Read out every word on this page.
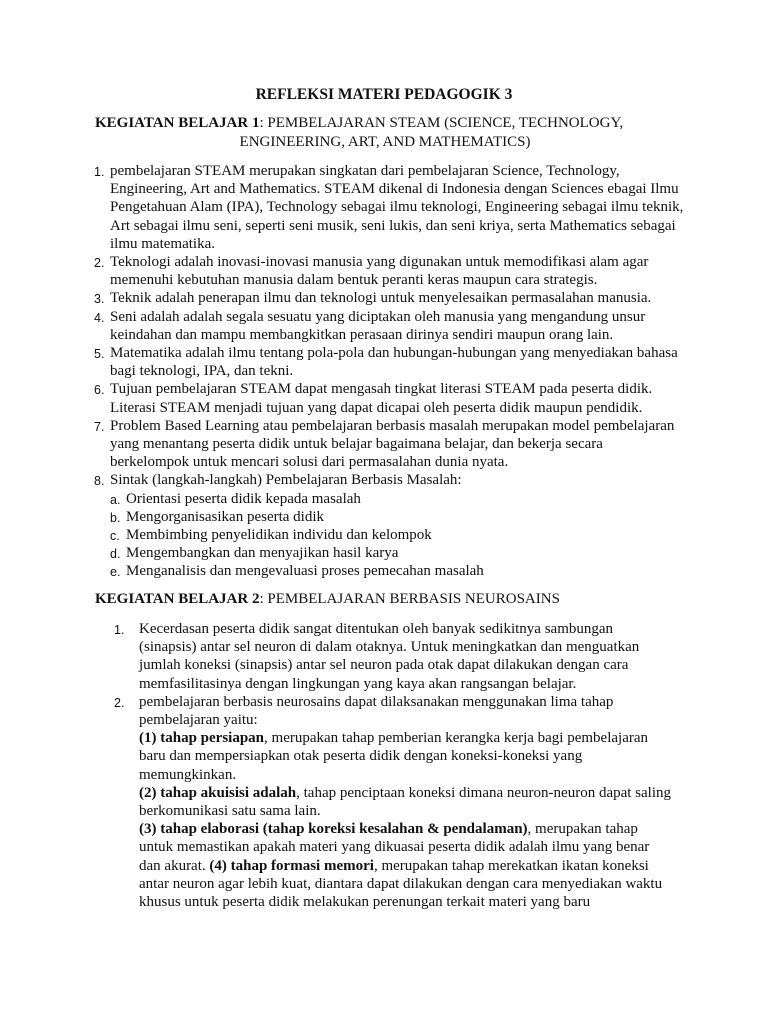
REFLEKSI MATERI PEDAGOGIK 3
KEGIATAN BELAJAR 1: PEMBELAJARAN STEAM (SCIENCE, TECHNOLOGY,
ENGINEERING, ART, AND MATHEMATICS)
1. pembelajaran STEAM merupakan singkatan dari pembelajaran Science, Technology, Engineering, Art and Mathematics. STEAM dikenal di Indonesia dengan Sciences ebagai Ilmu Pengetahuan Alam (IPA), Technology sebagai ilmu teknologi, Engineering sebagai ilmu teknik, Art sebagai ilmu seni, seperti seni musik, seni lukis, dan seni kriya, serta Mathematics sebagai ilmu matematika.
2. Teknologi adalah inovasi-inovasi manusia yang digunakan untuk memodifikasi alam agar memenuhi kebutuhan manusia dalam bentuk peranti keras maupun cara strategis.
3. Teknik adalah penerapan ilmu dan teknologi untuk menyelesaikan permasalahan manusia.
4. Seni adalah adalah segala sesuatu yang diciptakan oleh manusia yang mengandung unsur keindahan dan mampu membangkitkan perasaan dirinya sendiri maupun orang lain.
5. Matematika adalah ilmu tentang pola-pola dan hubungan-hubungan yang menyediakan bahasa bagi teknologi, IPA, dan tekni.
6. Tujuan pembelajaran STEAM dapat mengasah tingkat literasi STEAM pada peserta didik. Literasi STEAM menjadi tujuan yang dapat dicapai oleh peserta didik maupun pendidik.
7. Problem Based Learning atau pembelajaran berbasis masalah merupakan model pembelajaran yang menantang peserta didik untuk belajar bagaimana belajar, dan bekerja secara berkelompok untuk mencari solusi dari permasalahan dunia nyata.
8. Sintak (langkah-langkah) Pembelajaran Berbasis Masalah:
a. Orientasi peserta didik kepada masalah
b. Mengorganisasikan peserta didik
c. Membimbing penyelidikan individu dan kelompok
d. Mengembangkan dan menyajikan hasil karya
e. Menganalisis dan mengevaluasi proses pemecahan masalah
KEGIATAN BELAJAR 2: PEMBELAJARAN BERBASIS NEUROSAINS
1. Kecerdasan peserta didik sangat ditentukan oleh banyak sedikitnya sambungan (sinapsis) antar sel neuron di dalam otaknya. Untuk meningkatkan dan menguatkan jumlah koneksi (sinapsis) antar sel neuron pada otak dapat dilakukan dengan cara memfasilitasinya dengan lingkungan yang kaya akan rangsangan belajar.
2. pembelajaran berbasis neurosains dapat dilaksanakan menggunakan lima tahap pembelajaran yaitu:
(1) tahap persiapan, merupakan tahap pemberian kerangka kerja bagi pembelajaran baru dan mempersiapkan otak peserta didik dengan koneksi-koneksi yang memungkinkan.
(2) tahap akuisisi adalah, tahap penciptaan koneksi dimana neuron-neuron dapat saling berkomunikasi satu sama lain.
(3) tahap elaborasi (tahap koreksi kesalahan & pendalaman), merupakan tahap untuk memastikan apakah materi yang dikuasai peserta didik adalah ilmu yang benar dan akurat. (4) tahap formasi memori, merupakan tahap merekatkan ikatan koneksi antar neuron agar lebih kuat, diantara dapat dilakukan dengan cara menyediakan waktu khusus untuk peserta didik melakukan perenungan terkait materi yang baru
